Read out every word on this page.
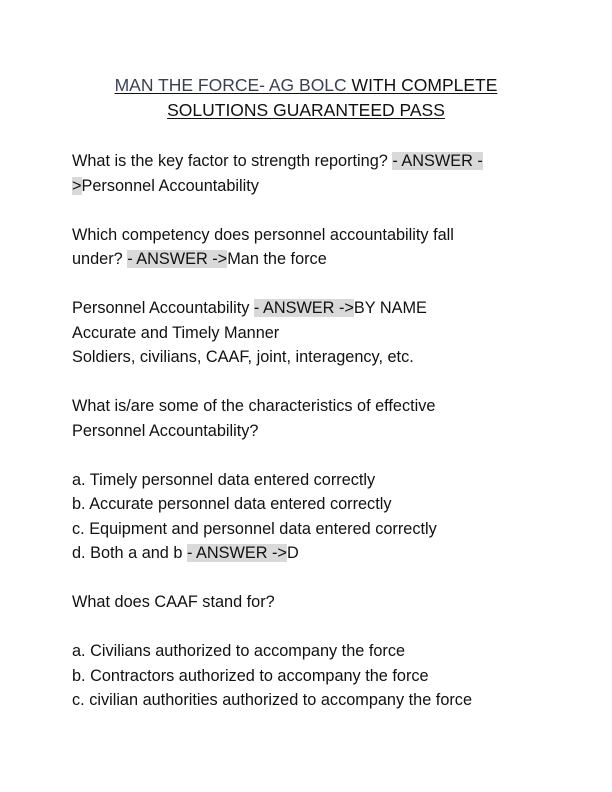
MAN THE FORCE- AG BOLC WITH COMPLETE
SOLUTIONS GUARANTEED PASS
What is the key factor to strength reporting? - ANSWER -
>Personnel Accountability
Which competency does personnel accountability fall
under? - ANSWER ->Man the force
Personnel Accountability - ANSWER ->BY NAME
Accurate and Timely Manner
Soldiers, civilians, CAAF, joint, interagency, etc.
What is/are some of the characteristics of effective
Personnel Accountability?
a. Timely personnel data entered correctly
b. Accurate personnel data entered correctly
c. Equipment and personnel data entered correctly
d. Both a and b - ANSWER ->D
What does CAAF stand for?
a. Civilians authorized to accompany the force
b. Contractors authorized to accompany the force
c. civilian authorities authorized to accompany the force
